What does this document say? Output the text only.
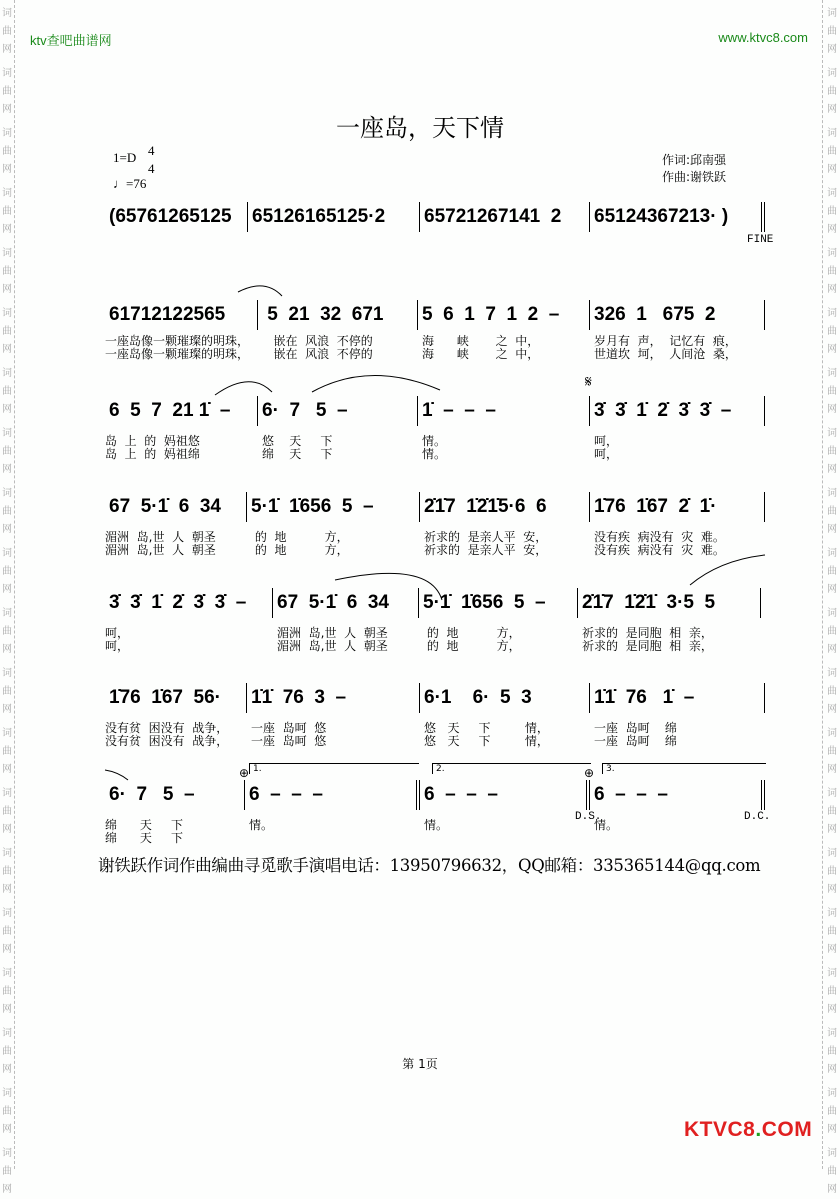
词
曲
网
词
曲
网
词
曲
网
词
曲
网
词
曲
网
词
曲
网
词
曲
网
词
曲
网
词
曲
网
词
曲
网
词
曲
网
词
曲
网
词
曲
网
词
曲
网
词
曲
网
词
曲
网
词
曲
网
词
曲
网
词
曲
网
词
曲
网
词
曲
网
词
曲
网
词
曲
网
词
曲
网
词
曲
网
词
曲
网
词
曲
网
词
曲
网
词
曲
网
词
曲
网
词
曲
网
词
曲
网
词
曲
网
词
曲
网
词
曲
网
词
曲
网
词
曲
网
词
曲
网
词
曲
网
词
曲
网
ktv查吧曲谱网	www.ktvc8.com
一座岛，天下情
1=D 4
4
♩=76
作词:邱南强
作曲:谢铁跃
(65761265125 65126165125·2 65721267141  2 65124367213· )
61712122565
一座岛像一颗璀璨的明珠，
一座岛像一颗璀璨的明珠，
5  21  32  671
嵌在  风浪  不停的
嵌在  风浪  不停的
5  6  1  7  1  2  –
海      峡       之  中，
海      峡       之  中，
326  1   675  2
岁月有  声，  记忆有  痕，
世道坎  坷，  人间沧  桑，
6  5  7  21 1̇  –
岛  上  的  妈祖悠
岛  上  的  妈祖绵
6·  7   5  –
悠    天     下
绵    天     下
1̇  –  –  –
情。
情。
3̇  3̇  1̇  2̇  3̇  3̇  –
呵，
呵，
67  5·1̇  6  34
湄洲  岛,世  人  朝圣
湄洲  岛,世  人  朝圣
5·1̇  1̇656  5  –
的  地          方，
的  地          方，
2̇1̇7  1̇2̇1̇5·6  6
祈求的  是亲人平  安，
祈求的  是亲人平  安，
1̇76  1̇67  2̇  1̇·
没有疾  病没有  灾  难。
没有疾  病没有  灾  难。
3̇  3̇  1̇  2̇  3̇  3̇  –
呵，
呵，
67  5·1̇  6  34
湄洲  岛,世  人  朝圣
湄洲  岛,世  人  朝圣
5·1̇  1̇656  5  –
的  地          方，
的  地          方，
2̇1̇7  1̇2̇1̇  3·5  5
祈求的  是同胞  相  亲，
祈求的  是同胞  相  亲，
1̇76  1̇67  56·
没有贫  困没有  战争，
没有贫  困没有  战争，
1̇1̇  76  3  –
一座  岛呵  悠
一座  岛呵  悠
6·1    6·  5  3
悠   天     下         情，
悠   天     下         情，
1̇1̇  76   1̇  –
一座  岛呵    绵
一座  岛呵    绵
6·  7   5  –
绵      天     下
绵      天     下
6  –  –  –
情。
6  –  –  –
情。
6  –  –  –
情。
FINE
𝄋
⊕	⊕
1.	2.	3.
D.S.	D.C.
谢铁跃作词作曲编曲寻觅歌手演唱电话：13950796632，QQ邮箱：335365144@qq.com
第 1页
KTVC8.COM
